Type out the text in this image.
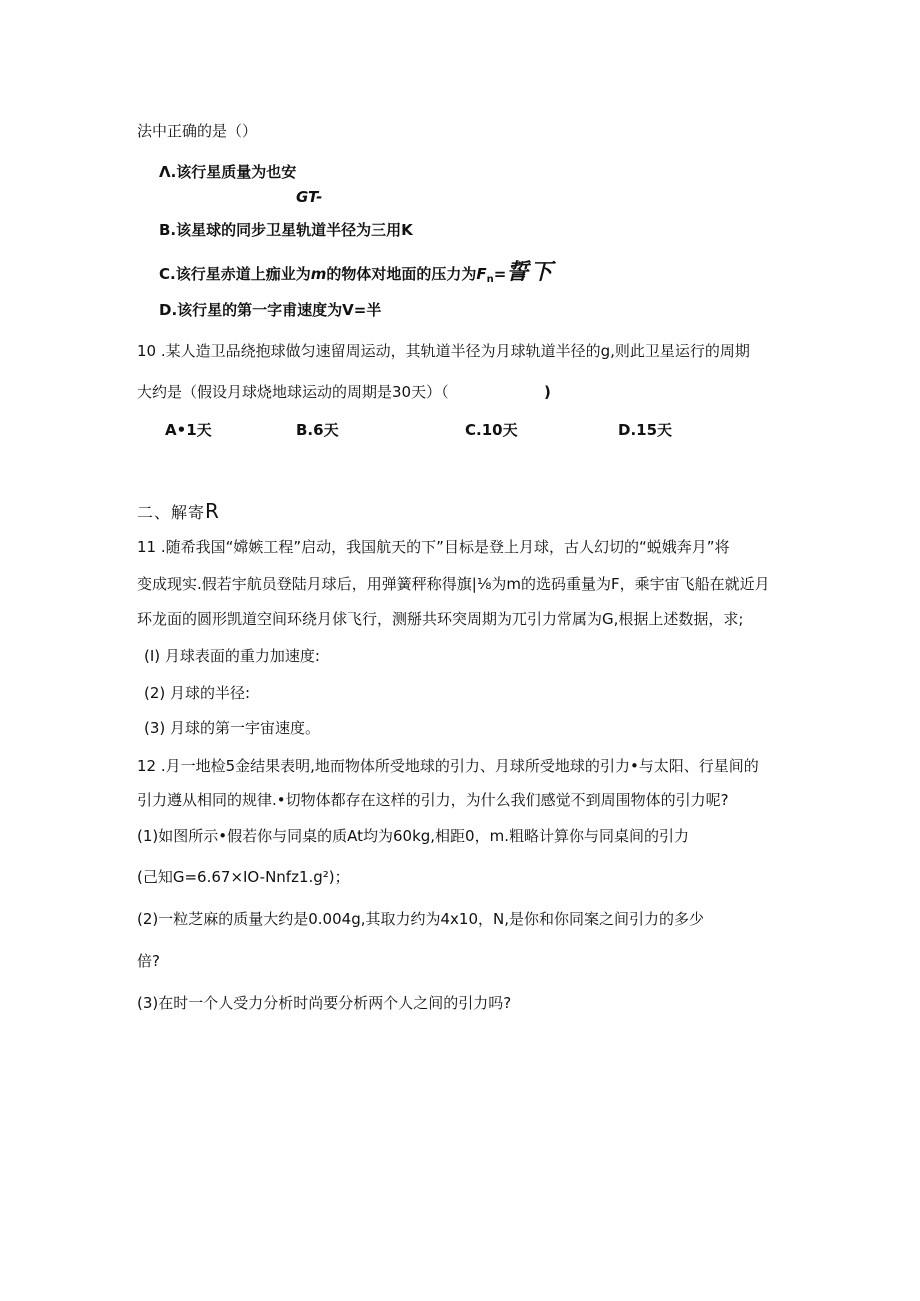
法中正确的是（）
Λ.该行星质量为也安
GT-
B.该星球的同步卫星轨道半径为三用K
C.该行星赤道上痂业为m的物体对地面的压力为$F_n=$誓下
D.该行星的第一字甫速度为V=半
10 .某人造卫品绕抱球做匀速留周运动，其轨道半径为月球轨道半径的g,则此卫星运行的周期
大约是（假设月球烧地球运动的周期是30天）（	)
A•1天	B.6天	C.10天	D.15天
二、解寄R
11 .随希我国“嫦嫉工程”启动，我国航天的下”目标是登上月球，古人幻切的“蜕娥奔月”将
变成现实.假若宇航员登陆月球后，用弹簧秤称得旗|⅛为m的选码重量为F，乘宇宙飞船在就近月
环龙面的圆形凯道空间环绕月俅飞行，测掰共环突周期为兀引力常属为G,根据上述数据，求;
(I) 月球表面的重力加速度:
(2) 月球的半径:
(3) 月球的第一宇宙速度。
12 .月一地检5金结果表明,地而物体所受地球的引力、月球所受地球的引力•与太阳、行星间的
引力遵从相同的规律.•切物体都存在这样的引力，为什么我们感觉不到周围物体的引力呢?
(1)如图所示•假若你与同桌的质At均为60kg,相距0，m.粗略计算你与同桌间的引力
(己知G=6.67×IO-Nnfz1.g²)；
(2)一粒芝麻的质量大约是0.004g,其取力约为4x10，N,是你和你同案之间引力的多少
倍?
(3)在时一个人受力分析时尚要分析两个人之间的引力吗?
